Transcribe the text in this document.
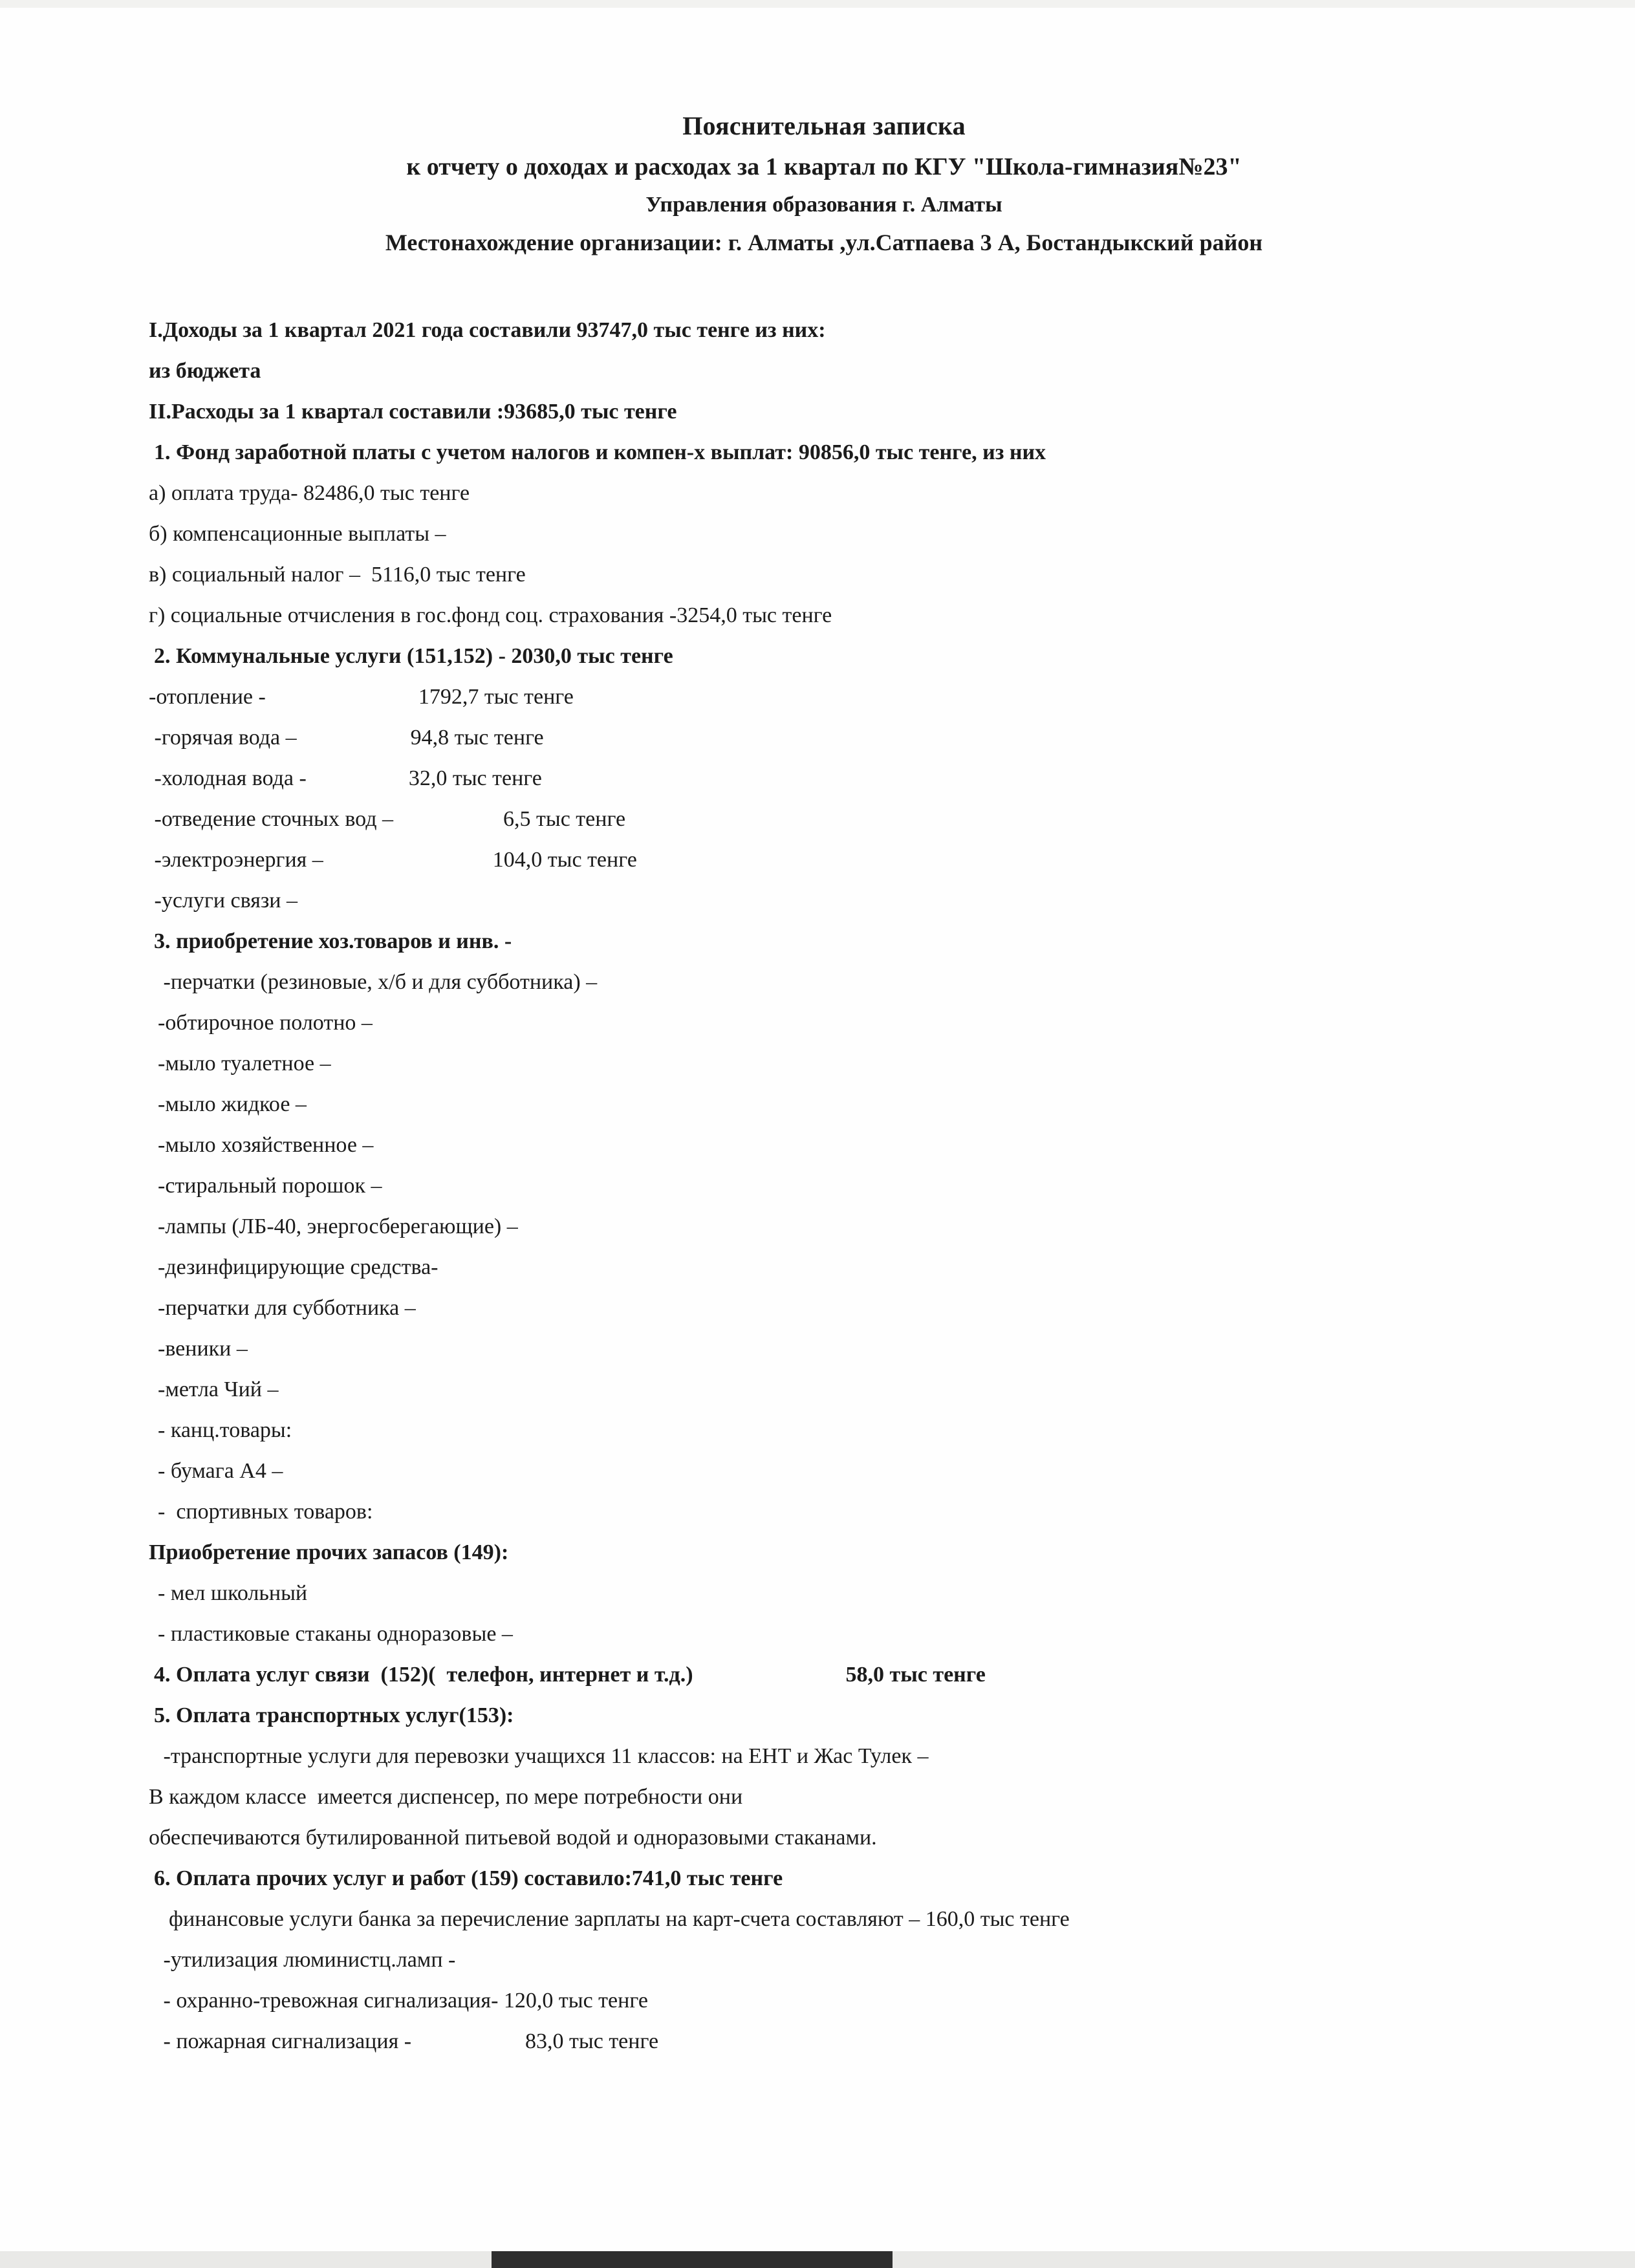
Пояснительная записка
к отчету о доходах и расходах за 1 квартал по КГУ "Школа-гимназия№23"
Управления образования г. Алматы
Местонахождение организации: г. Алматы ,ул.Сатпаева 3 А, Бостандыкский район
I.Доходы за 1 квартал 2021 года составили 93747,0 тыс тенге из них:
из бюджета
II.Расходы за 1 квартал составили :93685,0 тыс тенге
1. Фонд заработной платы с учетом налогов и компен-х выплат: 90856,0 тыс тенге, из них
а) оплата труда- 82486,0 тыс тенге
б) компенсационные выплаты –
в) социальный налог –  5116,0 тыс тенге
г) социальные отчисления в гос.фонд соц. страхования -3254,0 тыс тенге
2. Коммунальные услуги (151,152) - 2030,0 тыс тенге
-отопление -	1792,7 тыс тенге
-горячая вода –	94,8 тыс тенге
-холодная вода -	32,0 тыс тенге
-отведение сточных вод –	6,5 тыс тенге
-электроэнергия –	104,0 тыс тенге
-услуги связи –
3. приобретение хоз.товаров и инв. -
-перчатки (резиновые, х/б и для субботника) –
-обтирочное полотно –
-мыло туалетное –
-мыло жидкое –
-мыло хозяйственное –
-стиральный порошок –
-лампы (ЛБ-40, энергосберегающие) –
-дезинфицирующие средства-
-перчатки для субботника –
-веники –
-метла Чий –
- канц.товары:
- бумага А4 –
-  спортивных товаров:
Приобретение прочих запасов (149):
- мел школьный
- пластиковые стаканы одноразовые –
4. Оплата услуг связи  (152)(  телефон, интернет и т.д.)	58,0 тыс тенге
5. Оплата транспортных услуг(153):
-транспортные услуги для перевозки учащихся 11 классов: на ЕНТ и Жас Тулек –
В каждом классе  имеется диспенсер, по мере потребности они
обеспечиваются бутилированной питьевой водой и одноразовыми стаканами.
6. Оплата прочих услуг и работ (159) составило:741,0 тыс тенге
финансовые услуги банка за перечисление зарплаты на карт-счета составляют – 160,0 тыс тенге
-утилизация люминистц.ламп -
- охранно-тревожная сигнализация- 120,0 тыс тенге
- пожарная сигнализация -	83,0 тыс тенге
